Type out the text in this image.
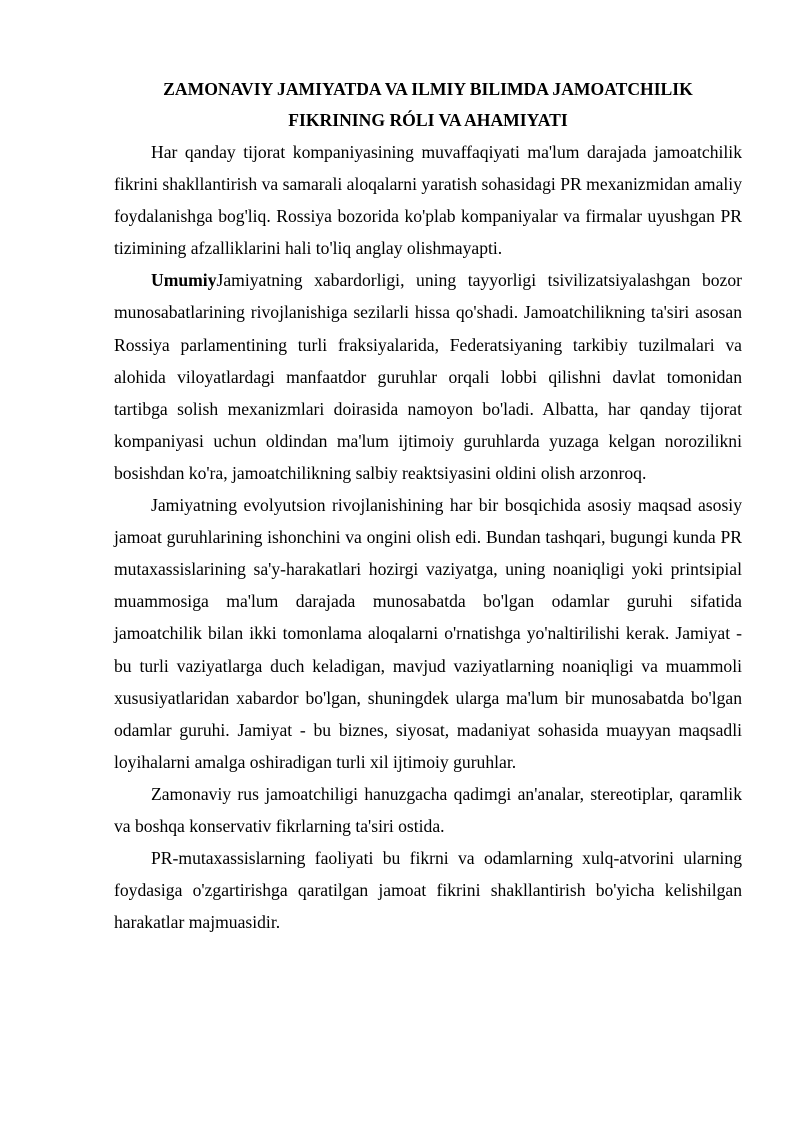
ZAMONAVIY JAMIYATDA VA ILMIY BILIMDA JAMOATCHILIK
FIKRINING RÓLI VA AHAMIYATI

Har qanday tijorat kompaniyasining muvaffaqiyati ma'lum darajada jamoatchilik fikrini shakllantirish va samarali aloqalarni yaratish sohasidagi PR mexanizmidan amaliy foydalanishga bog'liq. Rossiya bozorida ko'plab kompaniyalar va firmalar uyushgan PR tizimining afzalliklarini hali to'liq anglay olishmayapti.

UmumiyJamiyatning xabardorligi, uning tayyorligi tsivilizatsiyalashgan bozor munosabatlarining rivojlanishiga sezilarli hissa qo'shadi. Jamoatchilikning ta'siri asosan Rossiya parlamentining turli fraksiyalarida, Federatsiyaning tarkibiy tuzilmalari va alohida viloyatlardagi manfaatdor guruhlar orqali lobbi qilishni davlat tomonidan tartibga solish mexanizmlari doirasida namoyon bo'ladi. Albatta, har qanday tijorat kompaniyasi uchun oldindan ma'lum ijtimoiy guruhlarda yuzaga kelgan norozilikni bosishdan ko'ra, jamoatchilikning salbiy reaktsiyasini oldini olish arzonroq.

Jamiyatning evolyutsion rivojlanishining har bir bosqichida asosiy maqsad asosiy jamoat guruhlarining ishonchini va ongini olish edi. Bundan tashqari, bugungi kunda PR mutaxassislarining sa'y-harakatlari hozirgi vaziyatga, uning noaniqligi yoki printsipial muammosiga ma'lum darajada munosabatda bo'lgan odamlar guruhi sifatida jamoatchilik bilan ikki tomonlama aloqalarni o'rnatishga yo'naltirilishi kerak. Jamiyat - bu turli vaziyatlarga duch keladigan, mavjud vaziyatlarning noaniqligi va muammoli xususiyatlaridan xabardor bo'lgan, shuningdek ularga ma'lum bir munosabatda bo'lgan odamlar guruhi. Jamiyat - bu biznes, siyosat, madaniyat sohasida muayyan maqsadli loyihalarni amalga oshiradigan turli xil ijtimoiy guruhlar.

Zamonaviy rus jamoatchiligi hanuzgacha qadimgi an'analar, stereotiplar, qaramlik va boshqa konservativ fikrlarning ta'siri ostida.

PR-mutaxassislarning faoliyati bu fikrni va odamlarning xulq-atvorini ularning foydasiga o'zgartirishga qaratilgan jamoat fikrini shakllantirish bo'yicha kelishilgan harakatlar majmuasidir.
